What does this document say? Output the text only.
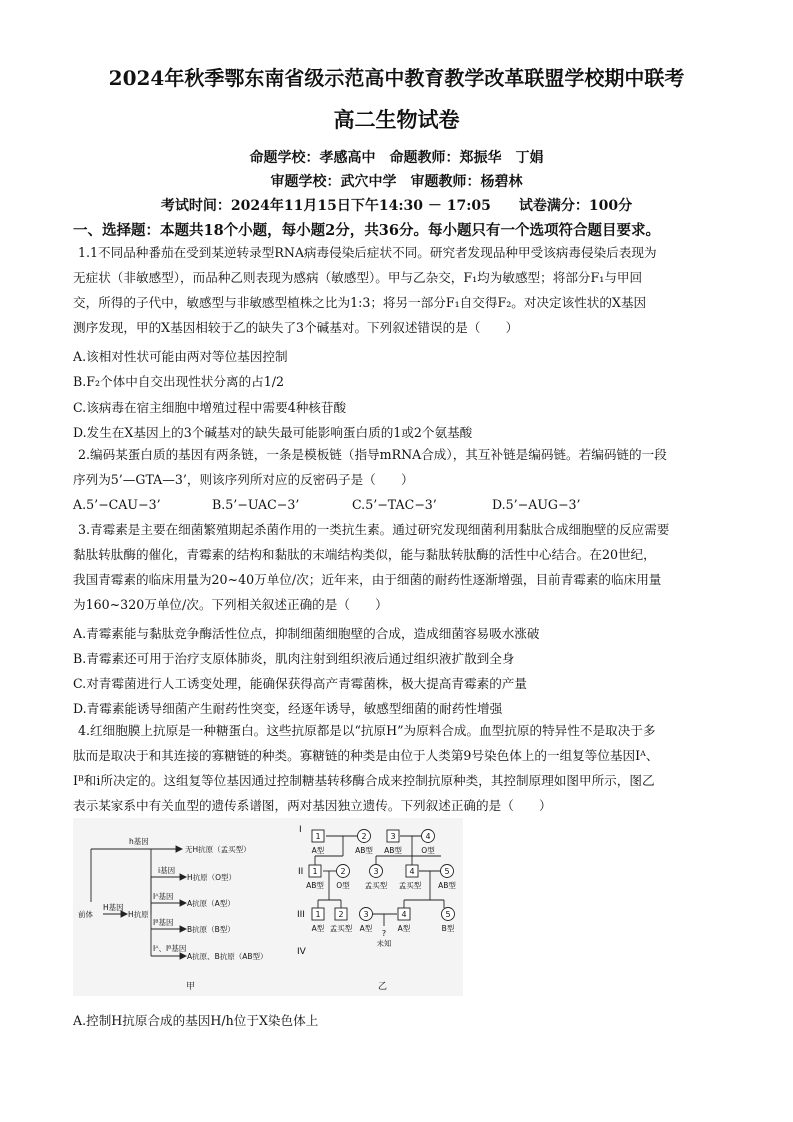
2024年秋季鄂东南省级示范高中教育教学改革联盟学校期中联考
高二生物试卷
命题学校：孝感高中　命题教师：郑振华　丁娟
审题学校：武穴中学　审题教师：杨碧林
考试时间：2024年11月15日下午14:30 － 17:05　　试卷满分：100分
一、选择题：本题共18个小题，每小题2分，共36分。每小题只有一个选项符合题目要求。
1.1不同品种番茄在受到某逆转录型RNA病毒侵染后症状不同。研究者发现品种甲受该病毒侵染后表现为
无症状（非敏感型），而品种乙则表现为感病（敏感型）。甲与乙杂交，F₁均为敏感型；将部分F₁与甲回
交，所得的子代中，敏感型与非敏感型植株之比为1:3；将另一部分F₁自交得F₂。对决定该性状的X基因
测序发现，甲的X基因相较于乙的缺失了3个碱基对。下列叙述错误的是（　　）
A.该相对性状可能由两对等位基因控制
B.F₂个体中自交出现性状分离的占1/2
C.该病毒在宿主细胞中增殖过程中需要4种核苷酸
D.发生在X基因上的3个碱基对的缺失最可能影响蛋白质的1或2个氨基酸
2.编码某蛋白质的基因有两条链，一条是模板链（指导mRNA合成），其互补链是编码链。若编码链的一段
序列为5’—GTA—3’，则该序列所对应的反密码子是（　　）
A.5’−CAU−3’	B.5’−UAC−3’	C.5’−TAC−3’	D.5’−AUG−3’
3.青霉素是主要在细菌繁殖期起杀菌作用的一类抗生素。通过研究发现细菌利用黏肽合成细胞壁的反应需要
黏肽转肽酶的催化，青霉素的结构和黏肽的末端结构类似，能与黏肽转肽酶的活性中心结合。在20世纪，
我国青霉素的临床用量为20~40万单位/次；近年来，由于细菌的耐药性逐渐增强，目前青霉素的临床用量
为160~320万单位/次。下列相关叙述正确的是（　　）
A.青霉素能与黏肽竞争酶活性位点，抑制细菌细胞壁的合成，造成细菌容易吸水涨破
B.青霉素还可用于治疗支原体肺炎，肌肉注射到组织液后通过组织液扩散到全身
C.对青霉菌进行人工诱变处理，能确保获得高产青霉菌株，极大提高青霉素的产量
D.青霉素能诱导细菌产生耐药性突变，经逐年诱导，敏感型细菌的耐药性增强
4.红细胞膜上抗原是一种糖蛋白。这些抗原都是以“抗原H”为原料合成。血型抗原的特异性不是取决于多
肽而是取决于和其连接的寡糖链的种类。寡糖链的种类是由位于人类第9号染色体上的一组复等位基因Iᴬ、
Iᴮ和i所决定的。这组复等位基因通过控制糖基转移酶合成来控制抗原种类，其控制原理如图甲所示，图乙
表示某家系中有关血型的遗传系谱图，两对基因独立遗传。下列叙述正确的是（　　）
1	2	3	4
1	2	3	4	5
1 2 3	4	5
A型	AB型 AB型	O型
AB型 O型 孟买型 孟买型 AB型
A型 孟买型 A型	A型	B型
?
未知
I
II
III
IV
h基因
无H抗原（孟买型）
前体
H基因
H抗原
i基因
H抗原（O型）
Iᴬ基因
A抗原（A型）
Iᴮ基因
B抗原（B型）
Iᴬ、Iᴮ基因
A抗原、B抗原（AB型）
甲	乙
A.控制H抗原合成的基因H/h位于X染色体上
